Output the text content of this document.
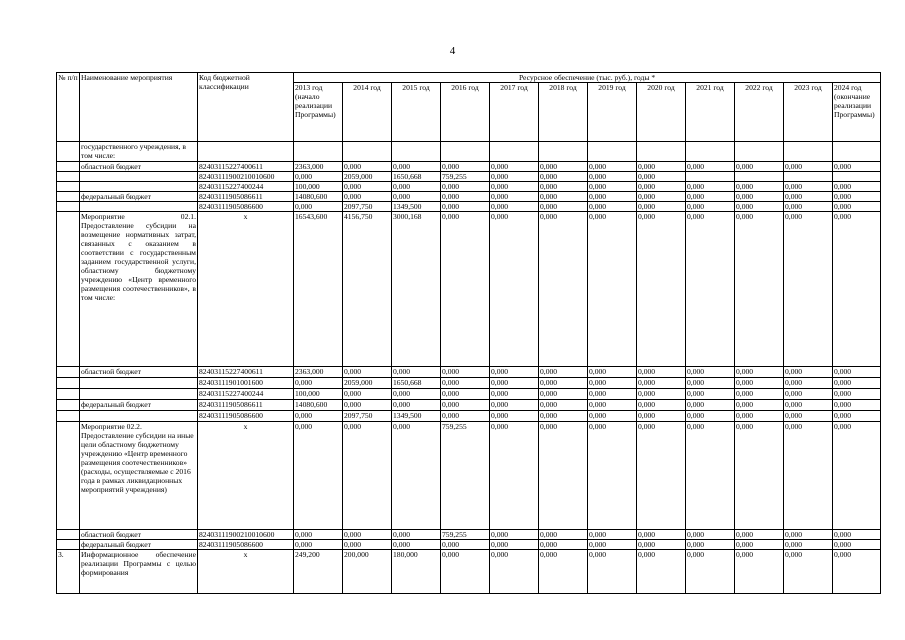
4
№ п/п	Наименование мероприятия	Код бюджетной классификации	Ресурсное обеспечение (тыс. руб.), годы *											
			2013 год (начало реализации Программы)	2014 год	2015 год	2016 год	2017 год	2018 год	2019 год	2020 год	2021 год	2022 год	2023 год	2024 год (окончание реализации Программы)
	государственного учреждения, в том числе:													
	областной бюджет	82403115227400611	2363,000	0,000	0,000	0,000	0,000	0,000	0,000	0,000	0,000	0,000	0,000	0,000
		82403111900210010600	0,000	2059,000	1650,668	759,255	0,000	0,000	0,000	0,000				
		82403115227400244	100,000	0,000	0,000	0,000	0,000	0,000	0,000	0,000	0,000	0,000	0,000	0,000
	федеральный бюджет	82403111905086611	14080,600	0,000	0,000	0,000	0,000	0,000	0,000	0,000	0,000	0,000	0,000	0,000
		82403111905086600	0,000	2097,750	1349,500	0,000	0,000	0,000	0,000	0,000	0,000	0,000	0,000	0,000
	Мероприятие 02.1. Предоставление субсидии на возмещение нормативных затрат, связанных с оказанием в соответствии с государственным заданием государственной услуги, областному бюджетному учреждению «Центр временного размещения соотечественников», в том числе:	х	16543,600	4156,750	3000,168	0,000	0,000	0,000	0,000	0,000	0,000	0,000	0,000	0,000
	областной бюджет	82403115227400611	2363,000	0,000	0,000	0,000	0,000	0,000	0,000	0,000	0,000	0,000	0,000	0,000
		82403111901001600	0,000	2059,000	1650,668	0,000	0,000	0,000	0,000	0,000	0,000	0,000	0,000	0,000
		82403115227400244	100,000	0,000	0,000	0,000	0,000	0,000	0,000	0,000	0,000	0,000	0,000	0,000
	федеральный бюджет	82403111905086611	14080,600	0,000	0,000	0,000	0,000	0,000	0,000	0,000	0,000	0,000	0,000	0,000
		82403111905086600	0,000	2097,750	1349,500	0,000	0,000	0,000	0,000	0,000	0,000	0,000	0,000	0,000
	Мероприятие 02.2. Предоставление субсидии на иные цели областному бюджетному учреждению «Центр временного размещения соотечественников» (расходы, осуществляемые с 2016 года в рамках ликвидационных мероприятий учреждения)	х	0,000	0,000	0,000	759,255	0,000	0,000	0,000	0,000	0,000	0,000	0,000	0,000
	областной бюджет	82403111900210010600	0,000	0,000	0,000	759,255	0,000	0,000	0,000	0,000	0,000	0,000	0,000	0,000
	федеральный бюджет	82403111905086600	0,000	0,000	0,000	0,000	0,000	0,000	0,000	0,000	0,000	0,000	0,000	0,000
3.	Информационное обеспечение реализации Программы с целью формирования	х	249,200	200,000	180,000	0,000	0,000	0,000	0,000	0,000	0,000	0,000	0,000	0,000
